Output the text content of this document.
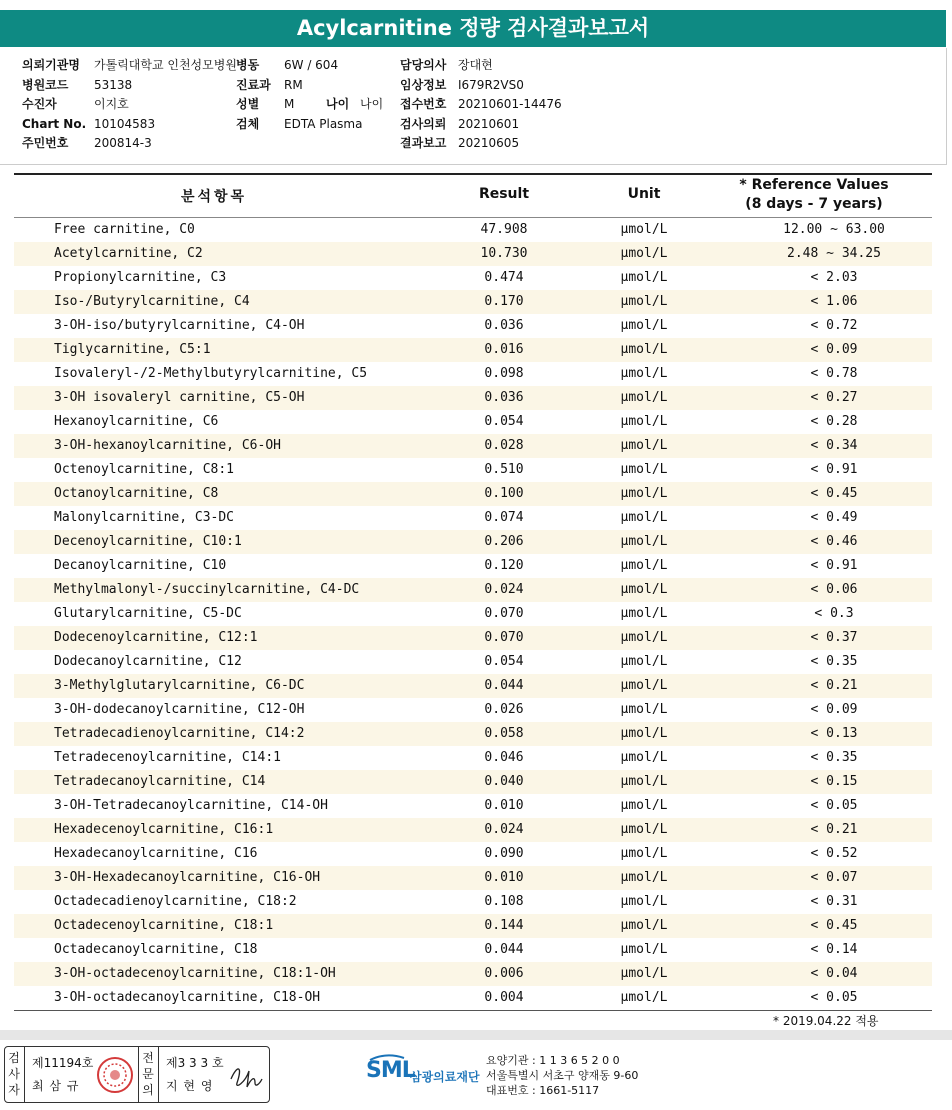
Acylcarnitine 정량 검사결과보고서
의뢰기관명 가톨릭대학교 인천성모병원
병원코드 53138
수진자	이지호
Chart No. 10104583
주민번호 200814-3
병동 6W / 604
진료과 RM
성별 M	나이 나이
검체 EDTA Plasma
담당의사 장대현
임상정보 I679R2VS0
접수번호 20210601-14476
검사의뢰 20210601
결과보고 20210605
분석항목	Result	Unit
* Reference Values
(8 days - 7 years)
Free carnitine, C0	47.908	μmol/L	12.00 ~ 63.00
Acetylcarnitine, C2	10.730	μmol/L	2.48 ~ 34.25
Propionylcarnitine, C3	0.474	μmol/L	< 2.03
Iso-/Butyrylcarnitine, C4	0.170	μmol/L	< 1.06
3-OH-iso/butyrylcarnitine, C4-OH	0.036	μmol/L	< 0.72
Tiglycarnitine, C5:1	0.016	μmol/L	< 0.09
Isovaleryl-/2-Methylbutyrylcarnitine, C5	0.098	μmol/L	< 0.78
3-OH isovaleryl carnitine, C5-OH	0.036	μmol/L	< 0.27
Hexanoylcarnitine, C6	0.054	μmol/L	< 0.28
3-OH-hexanoylcarnitine, C6-OH	0.028	μmol/L	< 0.34
Octenoylcarnitine, C8:1	0.510	μmol/L	< 0.91
Octanoylcarnitine, C8	0.100	μmol/L	< 0.45
Malonylcarnitine, C3-DC	0.074	μmol/L	< 0.49
Decenoylcarnitine, C10:1	0.206	μmol/L	< 0.46
Decanoylcarnitine, C10	0.120	μmol/L	< 0.91
Methylmalonyl-/succinylcarnitine, C4-DC	0.024	μmol/L	< 0.06
Glutarylcarnitine, C5-DC	0.070	μmol/L	< 0.3
Dodecenoylcarnitine, C12:1	0.070	μmol/L	< 0.37
Dodecanoylcarnitine, C12	0.054	μmol/L	< 0.35
3-Methylglutarylcarnitine, C6-DC	0.044	μmol/L	< 0.21
3-OH-dodecanoylcarnitine, C12-OH	0.026	μmol/L	< 0.09
Tetradecadienoylcarnitine, C14:2	0.058	μmol/L	< 0.13
Tetradecenoylcarnitine, C14:1	0.046	μmol/L	< 0.35
Tetradecanoylcarnitine, C14	0.040	μmol/L	< 0.15
3-OH-Tetradecanoylcarnitine, C14-OH	0.010	μmol/L	< 0.05
Hexadecenoylcarnitine, C16:1	0.024	μmol/L	< 0.21
Hexadecanoylcarnitine, C16	0.090	μmol/L	< 0.52
3-OH-Hexadecanoylcarnitine, C16-OH	0.010	μmol/L	< 0.07
Octadecadienoylcarnitine, C18:2	0.108	μmol/L	< 0.31
Octadecenoylcarnitine, C18:1	0.144	μmol/L	< 0.45
Octadecanoylcarnitine, C18	0.044	μmol/L	< 0.14
3-OH-octadecenoylcarnitine, C18:1-OH	0.006	μmol/L	< 0.04
3-OH-octadecanoylcarnitine, C18-OH	0.004	μmol/L	< 0.05
* 2019.04.22 적용
검
사
자
제11194호
최 삼 규
전
문
의
제3 3 3 호
지 현 영
SML
삼광의료재단
요양기관 : 1 1 3 6 5 2 0 0
서울특별시 서초구 양재동 9-60
대표번호 : 1661-5117
